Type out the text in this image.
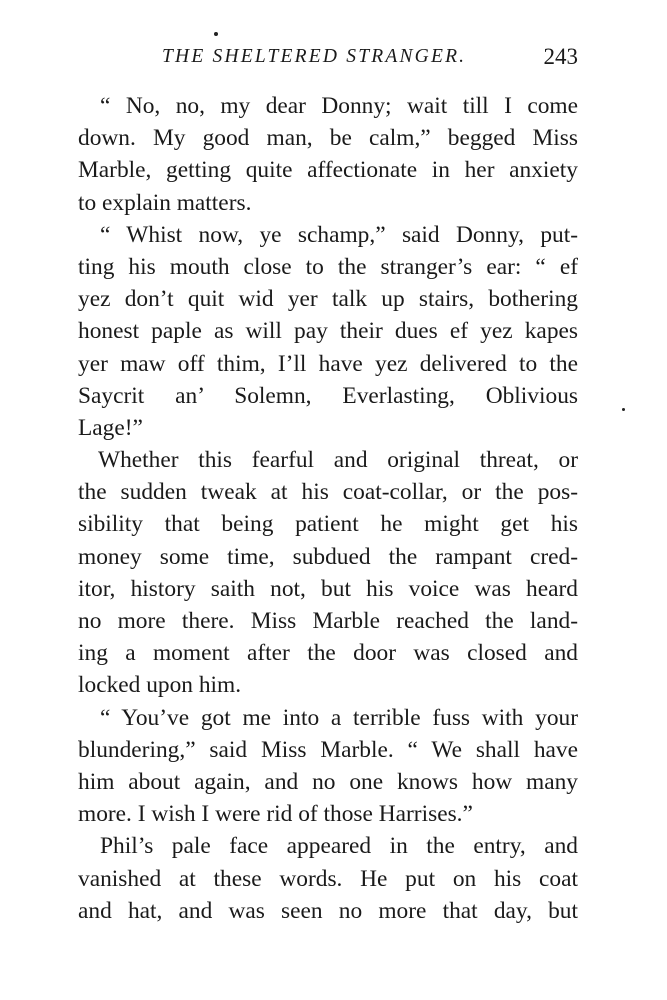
THE SHELTERED STRANGER.	243
“ No, no, my dear Donny; wait till I come
down. My good man, be calm,” begged Miss
Marble, getting quite affectionate in her anxiety
to explain matters.
“ Whist now, ye schamp,” said Donny, put-
ting his mouth close to the stranger’s ear: “ ef
yez don’t quit wid yer talk up stairs, bothering
honest paple as will pay their dues ef yez kapes
yer maw off thim, I’ll have yez delivered to the
Saycrit an’ Solemn, Everlasting, Oblivious
Lage!”
Whether this fearful and original threat, or
the sudden tweak at his coat-collar, or the pos-
sibility that being patient he might get his
money some time, subdued the rampant cred-
itor, history saith not, but his voice was heard
no more there. Miss Marble reached the land-
ing a moment after the door was closed and
locked upon him.
“ You’ve got me into a terrible fuss with your
blundering,” said Miss Marble. “ We shall have
him about again, and no one knows how many
more. I wish I were rid of those Harrises.”
Phil’s pale face appeared in the entry, and
vanished at these words. He put on his coat
and hat, and was seen no more that day, but
